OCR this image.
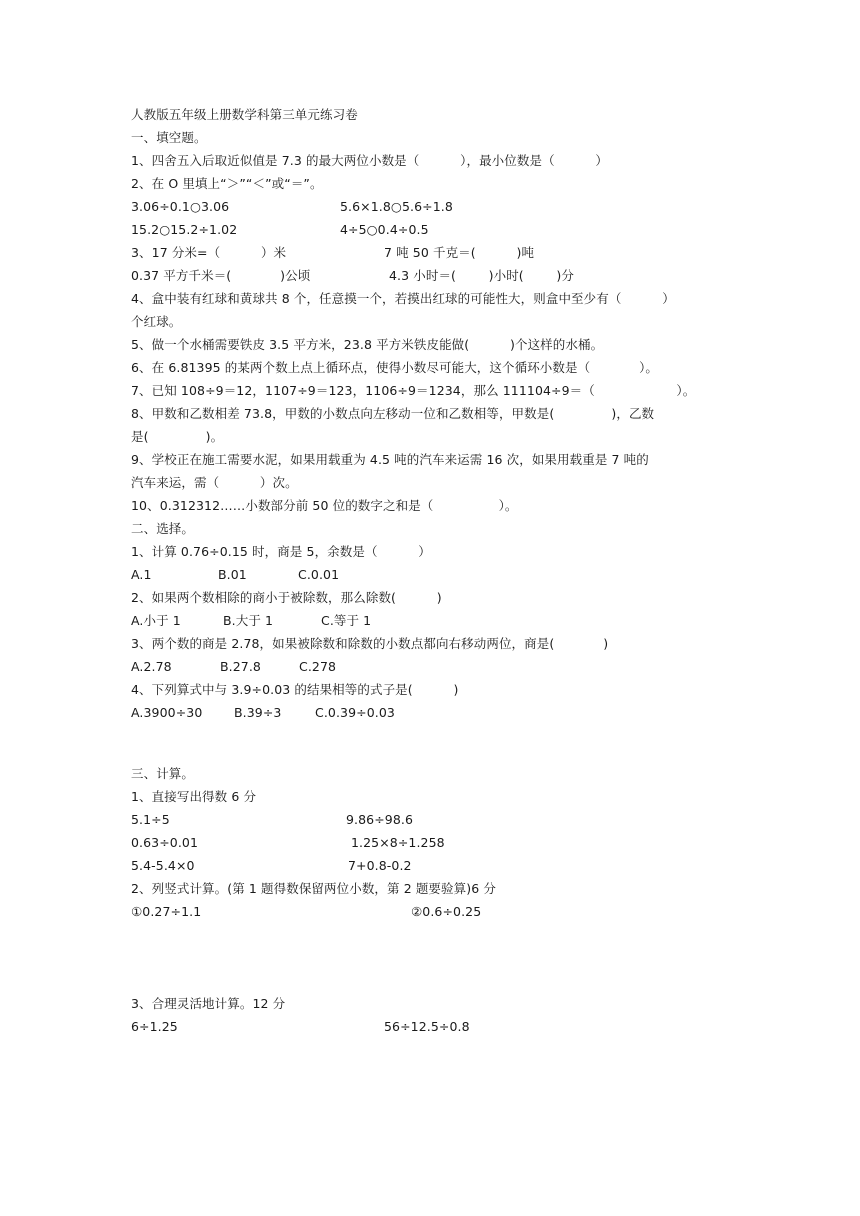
人教版五年级上册数学科第三单元练习卷
一、填空题。
1、四舍五入后取近似值是 7.3 的最大两位小数是（          ），最小位数是（          ）
2、在 O 里填上“＞”“＜”或“＝”。
3.06÷0.1○3.06	5.6×1.8○5.6÷1.8
15.2○15.2÷1.02	4÷5○0.4÷0.5
3、17 分米=（          ）米	7 吨 50 千克＝(          )吨
0.37 平方千米＝(            )公顷	4.3 小时＝(        )小时(        )分
4、盒中装有红球和黄球共 8 个，任意摸一个，若摸出红球的可能性大，则盒中至少有（          ）
个红球。
5、做一个水桶需要铁皮 3.5 平方米，23.8 平方米铁皮能做(          )个这样的水桶。
6、在 6.81395 的某两个数上点上循环点，使得小数尽可能大，这个循环小数是（            ）。
7、已知 108÷9＝12，1107÷9＝123，1106÷9＝1234，那么 111104÷9＝（                    ）。
8、甲数和乙数相差 73.8，甲数的小数点向左移动一位和乙数相等，甲数是(              )，乙数
是(              )。
9、学校正在施工需要水泥，如果用载重为 4.5 吨的汽车来运需 16 次，如果用载重是 7 吨的
汽车来运，需（          ）次。
10、0.312312……小数部分前 50 位的数字之和是（                ）。
二、选择。
1、计算 0.76÷0.15 时，商是 5，余数是（          ）
A.1	B.01	C.0.01
2、如果两个数相除的商小于被除数，那么除数(          )
A.小于 1	B.大于 1	C.等于 1
3、两个数的商是 2.78，如果被除数和除数的小数点都向右移动两位，商是(            )
A.2.78	B.27.8	C.278
4、下列算式中与 3.9÷0.03 的结果相等的式子是(          )
A.3900÷30	B.39÷3	C.0.39÷0.03
三、计算。
1、直接写出得数 6 分
5.1÷5	9.86÷98.6
0.63÷0.01	1.25×8÷1.258
5.4-5.4×0	7+0.8-0.2
2、列竖式计算。(第 1 题得数保留两位小数，第 2 题要验算)6 分
①0.27÷1.1	②0.6÷0.25
3、合理灵活地计算。12 分
6÷1.25	56÷12.5÷0.8
